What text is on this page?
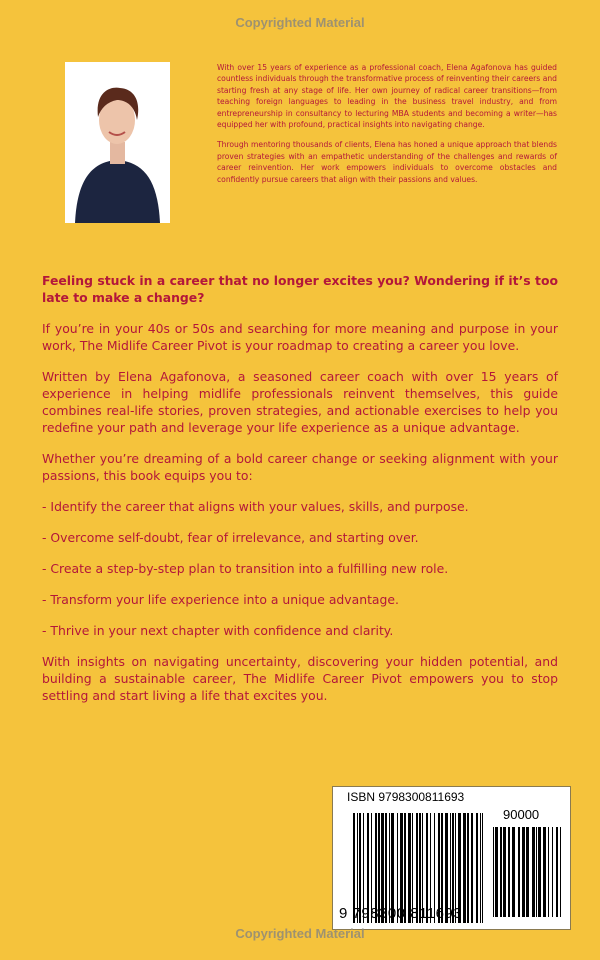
Copyrighted Material

With over 15 years of experience as a professional coach, Elena Agafonova has guided countless individuals through the transformative process of reinventing their careers and starting fresh at any stage of life. Her own journey of radical career transitions—from teaching foreign languages to leading in the business travel industry, and from entrepreneurship in consultancy to lecturing MBA students and becoming a writer—has equipped her with profound, practical insights into navigating change.

Through mentoring thousands of clients, Elena has honed a unique approach that blends proven strategies with an empathetic understanding of the challenges and rewards of career reinvention. Her work empowers individuals to overcome obstacles and confidently pursue careers that align with their passions and values.

Feeling stuck in a career that no longer excites you? Wondering if it’s too late to make a change?

If you’re in your 40s or 50s and searching for more meaning and purpose in your work, The Midlife Career Pivot is your roadmap to creating a career you love.

Written by Elena Agafonova, a seasoned career coach with over 15 years of experience in helping midlife professionals reinvent themselves, this guide combines real-life stories, proven strategies, and actionable exercises to help you redefine your path and leverage your life experience as a unique advantage.

Whether you’re dreaming of a bold career change or seeking alignment with your passions, this book equips you to:

- Identify the career that aligns with your values, skills, and purpose.

- Overcome self-doubt, fear of irrelevance, and starting over.

- Create a step-by-step plan to transition into a fulfilling new role.

- Transform your life experience into a unique advantage.

- Thrive in your next chapter with confidence and clarity.

With insights on navigating uncertainty, discovering your hidden potential, and building a sustainable career, The Midlife Career Pivot empowers you to stop settling and start living a life that excites you.

ISBN 9798300811693
90000
9 798300 811693
Copyrighted Material
